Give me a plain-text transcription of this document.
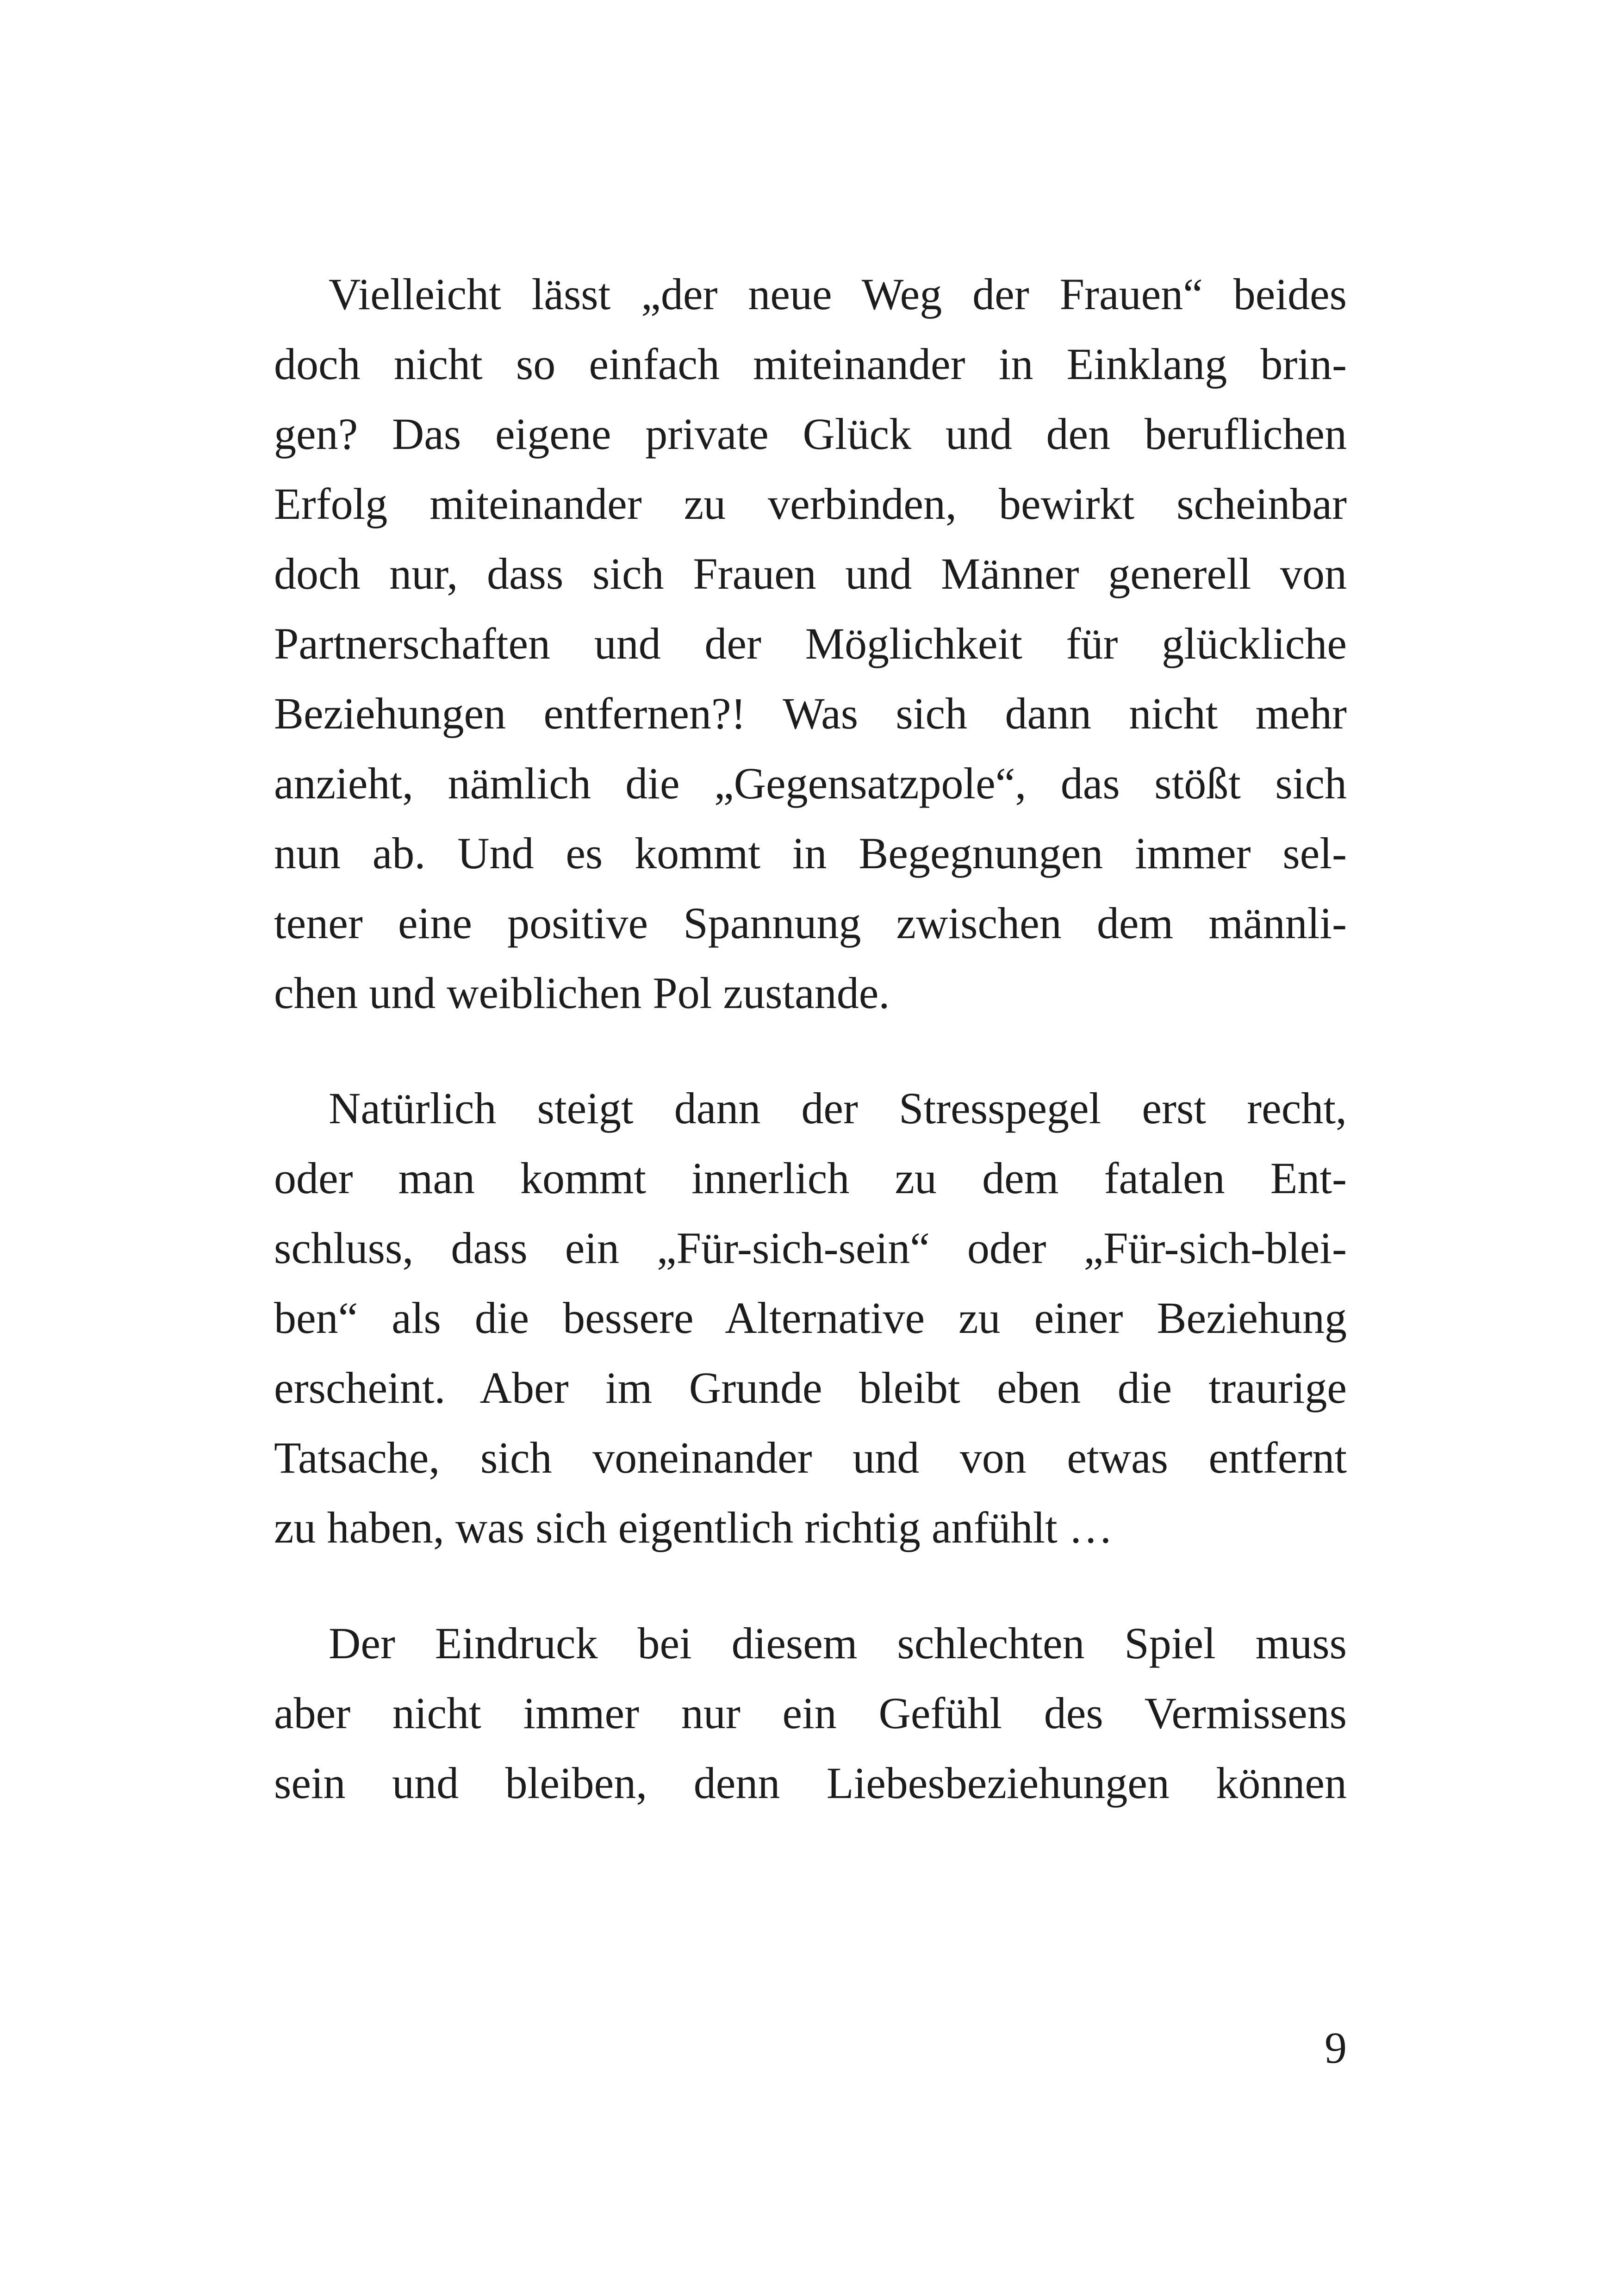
Vielleicht lässt „der neue Weg der Frauen“ beides
doch nicht so einfach miteinander in Einklang brin-
gen? Das eigene private Glück und den beruflichen
Erfolg miteinander zu verbinden, bewirkt scheinbar
doch nur, dass sich Frauen und Männer generell von
Partnerschaften und der Möglichkeit für glückliche
Beziehungen entfernen?! Was sich dann nicht mehr
anzieht, nämlich die „Gegensatzpole“, das stößt sich
nun ab. Und es kommt in Begegnungen immer sel-
tener eine positive Spannung zwischen dem männli-
chen und weiblichen Pol zustande.
Natürlich steigt dann der Stresspegel erst recht,
oder man kommt innerlich zu dem fatalen Ent-
schluss, dass ein „Für-sich-sein“ oder „Für-sich-blei-
ben“ als die bessere Alternative zu einer Beziehung
erscheint. Aber im Grunde bleibt eben die traurige
Tatsache, sich voneinander und von etwas entfernt
zu haben, was sich eigentlich richtig anfühlt …
Der Eindruck bei diesem schlechten Spiel muss
aber nicht immer nur ein Gefühl des Vermissens
sein und bleiben, denn Liebesbeziehungen können
9
